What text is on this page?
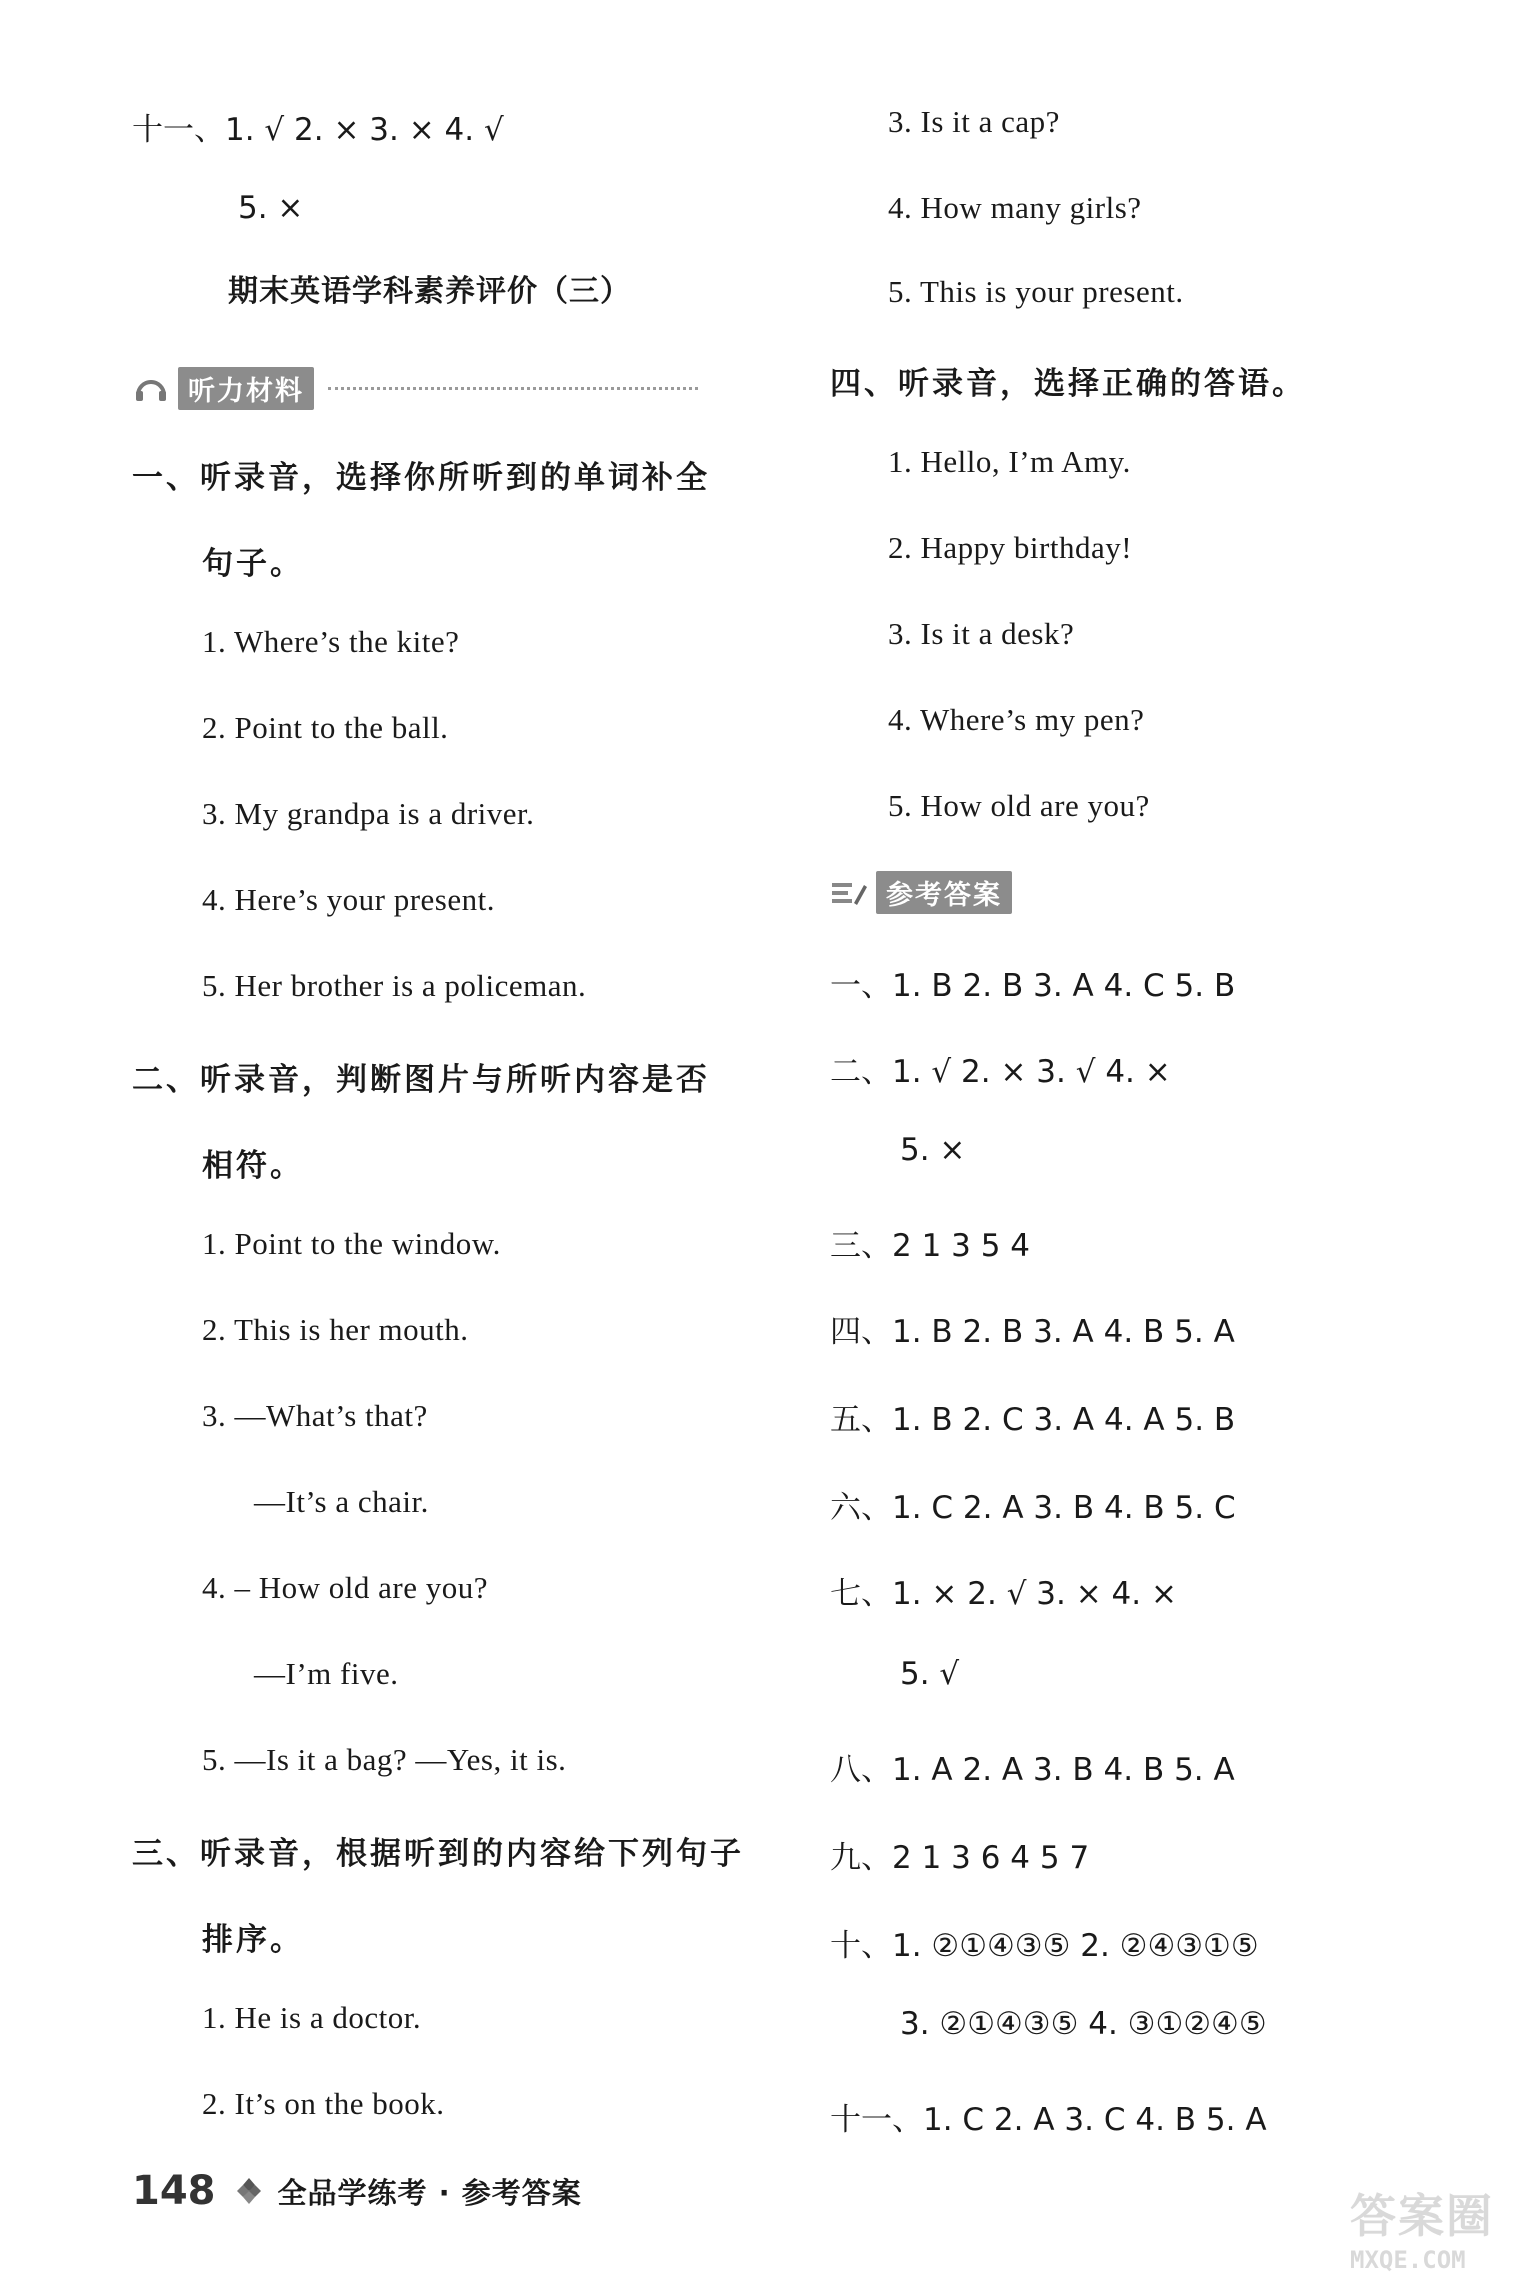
十一、1. √ 2. × 3. × 4. √
5. ×
期末英语学科素养评价（三）
听力材料
一、听录音，选择你所听到的单词补全
句子。
1. Where’s the kite?
2. Point to the ball.
3. My grandpa is a driver.
4. Here’s your present.
5. Her brother is a policeman.
二、听录音，判断图片与所听内容是否
相符。
1. Point to the window.
2. This is her mouth.
3. —What’s that?
—It’s a chair.
4. – How old are you?
—I’m five.
5. —Is it a bag? —Yes, it is.
三、听录音，根据听到的内容给下列句子
排序。
1. He is a doctor.
2. It’s on the book.
3. Is it a cap?
4. How many girls?
5. This is your present.
四、听录音，选择正确的答语。
1. Hello, I’m Amy.
2. Happy birthday!
3. Is it a desk?
4. Where’s my pen?
5. How old are you?
参考答案
一、1. B 2. B 3. A 4. C 5. B
二、1. √ 2. × 3. √ 4. ×
5. ×
三、2 1 3 5 4
四、1. B 2. B 3. A 4. B 5. A
五、1. B 2. C 3. A 4. A 5. B
六、1. C 2. A 3. B 4. B 5. C
七、1. × 2. √ 3. × 4. ×
5. √
八、1. A 2. A 3. B 4. B 5. A
九、2 1 3 6 4 5 7
十、1. ②①④③⑤ 2. ②④③①⑤
3. ②①④③⑤ 4. ③①②④⑤
十一、1. C 2. A 3. C 4. B 5. A
148 全品学练考 · 参考答案	答案圈
MXQE.COM
